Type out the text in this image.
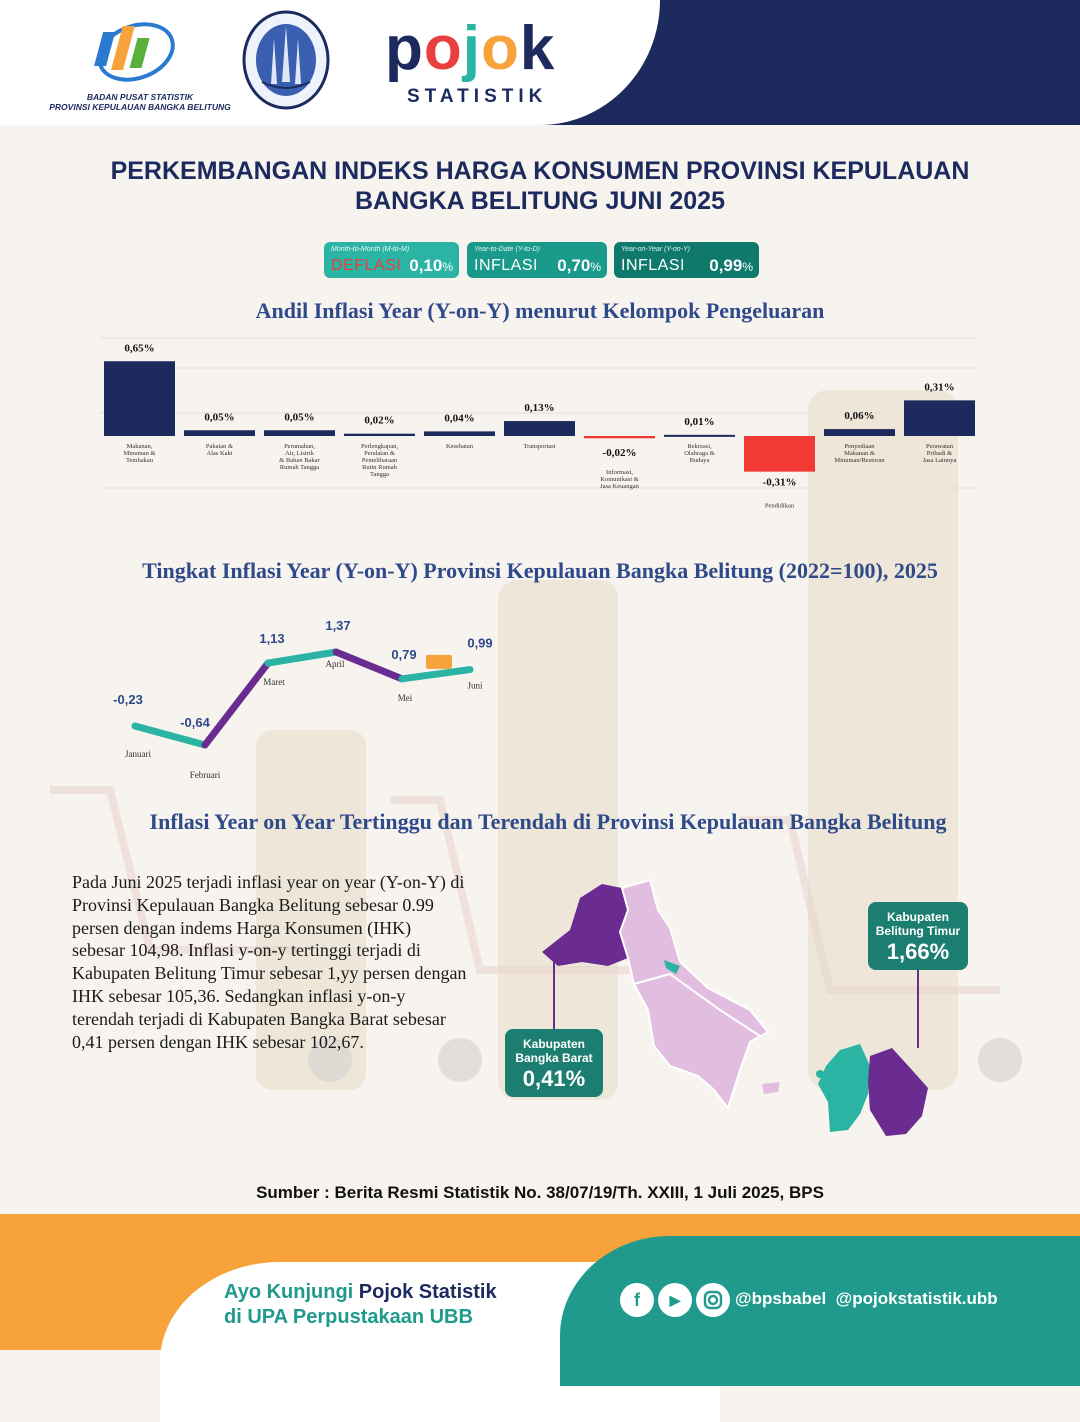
BADAN PUSAT STATISTIK
PROVINSI KEPULAUAN BANGKA BELITUNG
pojok
STATISTIK
PERKEMBANGAN INDEKS HARGA KONSUMEN PROVINSI KEPULAUAN
BANGKA BELITUNG JUNI 2025
Month-to-Month (M-to-M)
DEFLASI 0,10%
Year-to-Date (Y-to-D)
INFLASI 0,70%
Year-on-Year (Y-on-Y)
INFLASI 0,99%
Andil Inflasi Year (Y-on-Y) menurut Kelompok Pengeluaran
0,65%
Makanan,
Minuman &
Tembakau
0,05%
Pakaian &
Alas Kaki
0,05%
Perumahan,
Air, Listrik
& Bahan Bakar
Rumah Tangga
0,02%
Perlengkapan,
Peralatan &
Pemeliharaan
Rutin Rumah
Tangga
0,04%
Kesehatan
0,13%
Transportasi
-0,02%
Informasi,
Komunikasi &
Jasa Keuangan
0,01%
Rekreasi,
Olahraga &
Budaya
-0,31%
Pendidikan
0,06%
Penyediaan
Makanan &
Minuman/Restoran
0,31%
Perawatan
Pribadi &
Jasa Lainnya
Tingkat Inflasi Year (Y-on-Y) Provinsi Kepulauan Bangka Belitung (2022=100), 2025
-0,23
Januari
-0,64
Februari
1,13
Maret
1,37
April
0,79
Mei
0,99
Juni
Inflasi Year on Year Tertinggu dan Terendah di Provinsi Kepulauan Bangka Belitung
Pada Juni 2025 terjadi inflasi year on year (Y-on-Y) di Provinsi Kepulauan Bangka Belitung sebesar 0.99 persen dengan indems Harga Konsumen (IHK) sebesar 104,98. Inflasi y-on-y tertinggi terjadi di Kabupaten Belitung Timur sebesar 1,yy persen dengan IHK sebesar 105,36. Sedangkan inflasi y-on-y terendah terjadi di Kabupaten Bangka Barat sebesar 0,41 persen dengan IHK sebesar 102,67.	Kabupaten
Bangka Barat
0,41%
Kabupaten
Belitung Timur
1,66%
Sumber : Berita Resmi Statistik No. 38/07/19/Th. XXIII, 1 Juli 2025, BPS
Ayo Kunjungi Pojok Statistik
di UPA Perpustakaan UBB
f	▶	@bpsbabel @pojokstatistik.ubb
